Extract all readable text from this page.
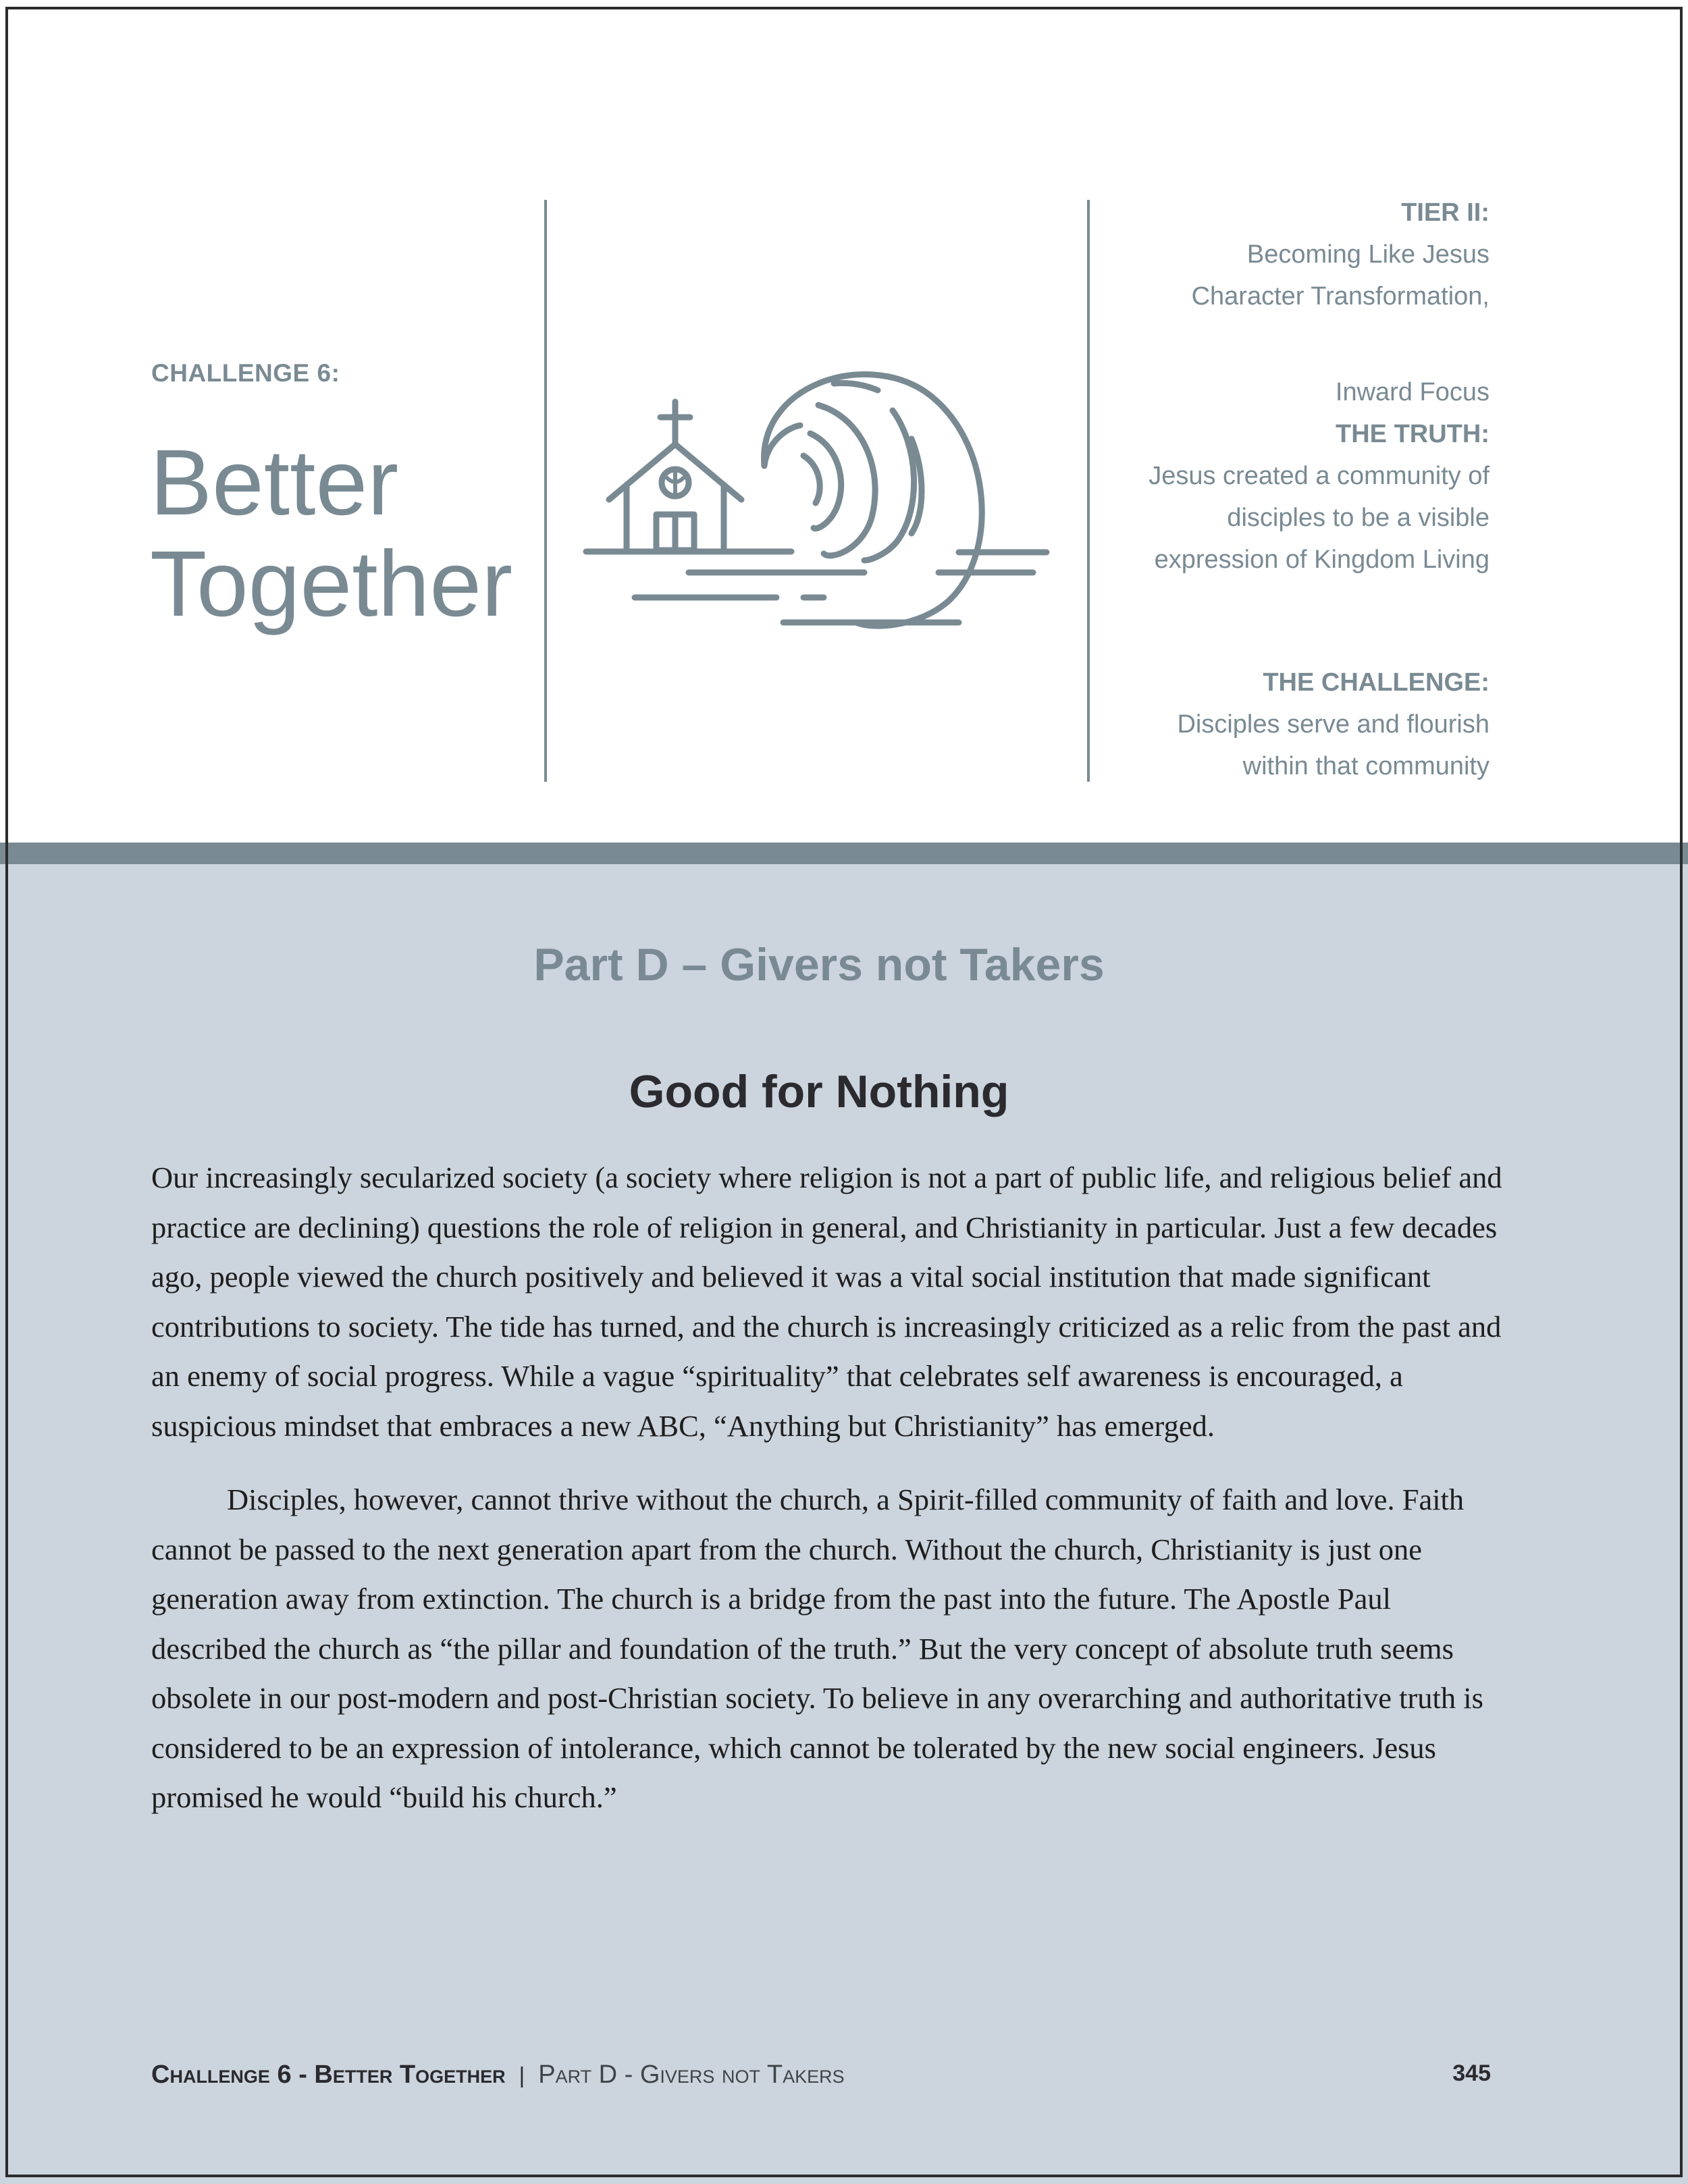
CHALLENGE 6:
Better
Together
TIER II:
Becoming Like Jesus
Character Transformation,
Inward Focus
THE TRUTH:
Jesus created a community of
disciples to be a visible
expression of Kingdom Living
THE CHALLENGE:
Disciples serve and flourish
within that community
Part D – Givers not Takers
Good for Nothing

Our increasingly secularized society (a society where religion is not a part of public life, and religious belief and practice are declining) questions the role of religion in general, and Christianity in particular. Just a few decades ago, people viewed the church positively and believed it was a vital social institution that made significant contributions to society. The tide has turned, and the church is increasingly criticized as a relic from the past and an enemy of social progress. While a vague “spirituality” that celebrates self awareness is encouraged, a suspicious mindset that embraces a new ABC, “Anything but Christianity” has emerged.

Disciples, however, cannot thrive without the church, a Spirit-filled community of faith and love. Faith cannot be passed to the next generation apart from the church. Without the church, Christianity is just one generation away from extinction. The church is a bridge from the past into the future. The Apostle Paul described the church as “the pillar and foundation of the truth.” But the very concept of absolute truth seems obsolete in our post-modern and post-Christian society. To believe in any overarching and authoritative truth is considered to be an expression of intolerance, which cannot be tolerated by the new social engineers. Jesus promised he would “build his church.”

Challenge 6 - Better Together | Part D - Givers not Takers	345
